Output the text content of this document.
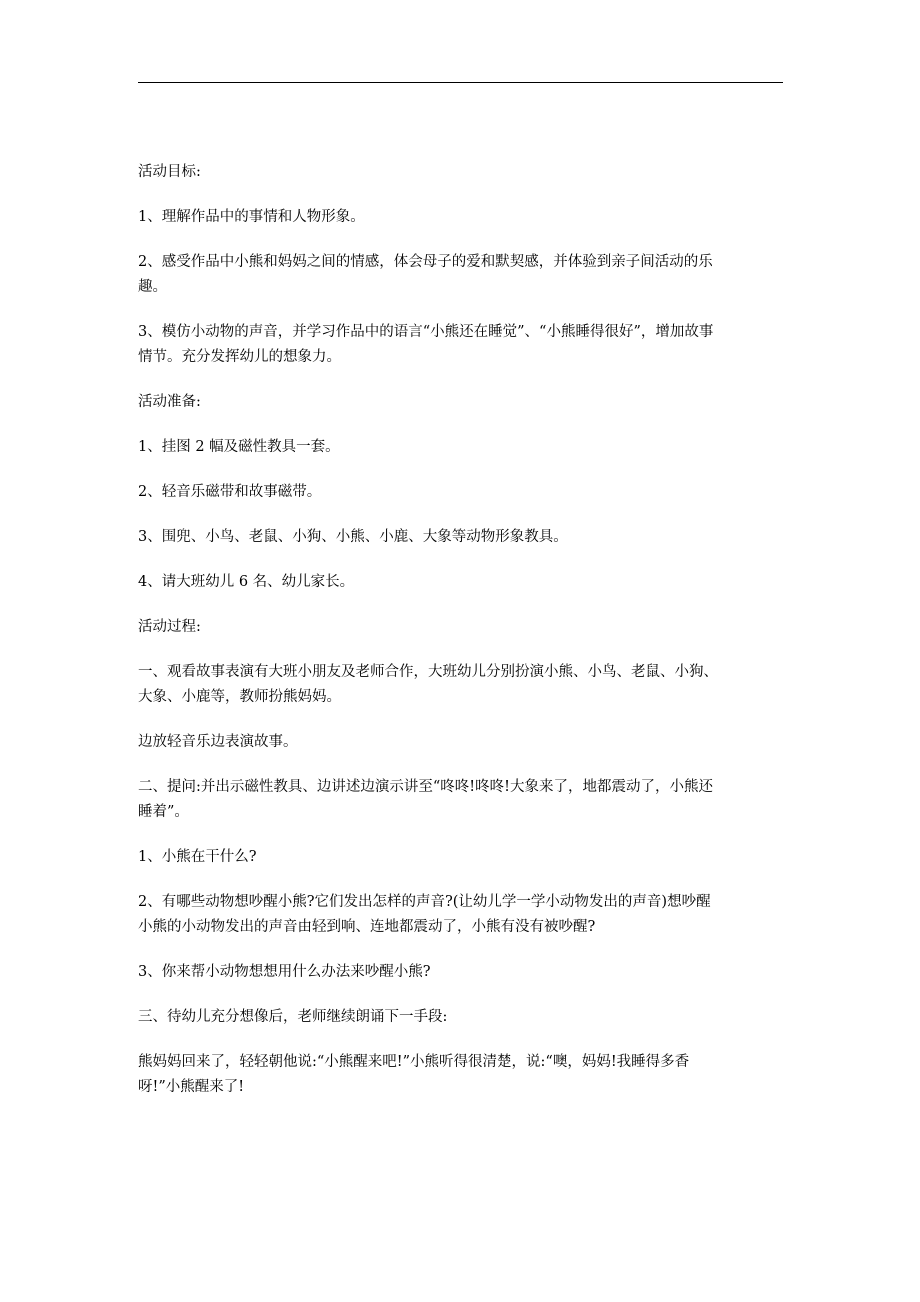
活动目标:

1、理解作品中的事情和人物形象。

2、感受作品中小熊和妈妈之间的情感，体会母子的爱和默契感，并体验到亲子间活动的乐
趣。

3、模仿小动物的声音，并学习作品中的语言“小熊还在睡觉”、“小熊睡得很好”，增加故事
情节。充分发挥幼儿的想象力。

活动准备:

1、挂图 2 幅及磁性教具一套。

2、轻音乐磁带和故事磁带。

3、围兜、小鸟、老鼠、小狗、小熊、小鹿、大象等动物形象教具。

4、请大班幼儿 6 名、幼儿家长。

活动过程:

一、观看故事表演有大班小朋友及老师合作，大班幼儿分别扮演小熊、小鸟、老鼠、小狗、
大象、小鹿等，教师扮熊妈妈。

边放轻音乐边表演故事。

二、提问:并出示磁性教具、边讲述边演示讲至“咚咚!咚咚!大象来了，地都震动了，小熊还
睡着”。

1、小熊在干什么?

2、有哪些动物想吵醒小熊?它们发出怎样的声音?(让幼儿学一学小动物发出的声音)想吵醒
小熊的小动物发出的声音由轻到响、连地都震动了，小熊有没有被吵醒?

3、你来帮小动物想想用什么办法来吵醒小熊?

三、待幼儿充分想像后，老师继续朗诵下一手段:

熊妈妈回来了，轻轻朝他说:“小熊醒来吧!”小熊听得很清楚，说:“噢，妈妈!我睡得多香
呀!”小熊醒来了!
